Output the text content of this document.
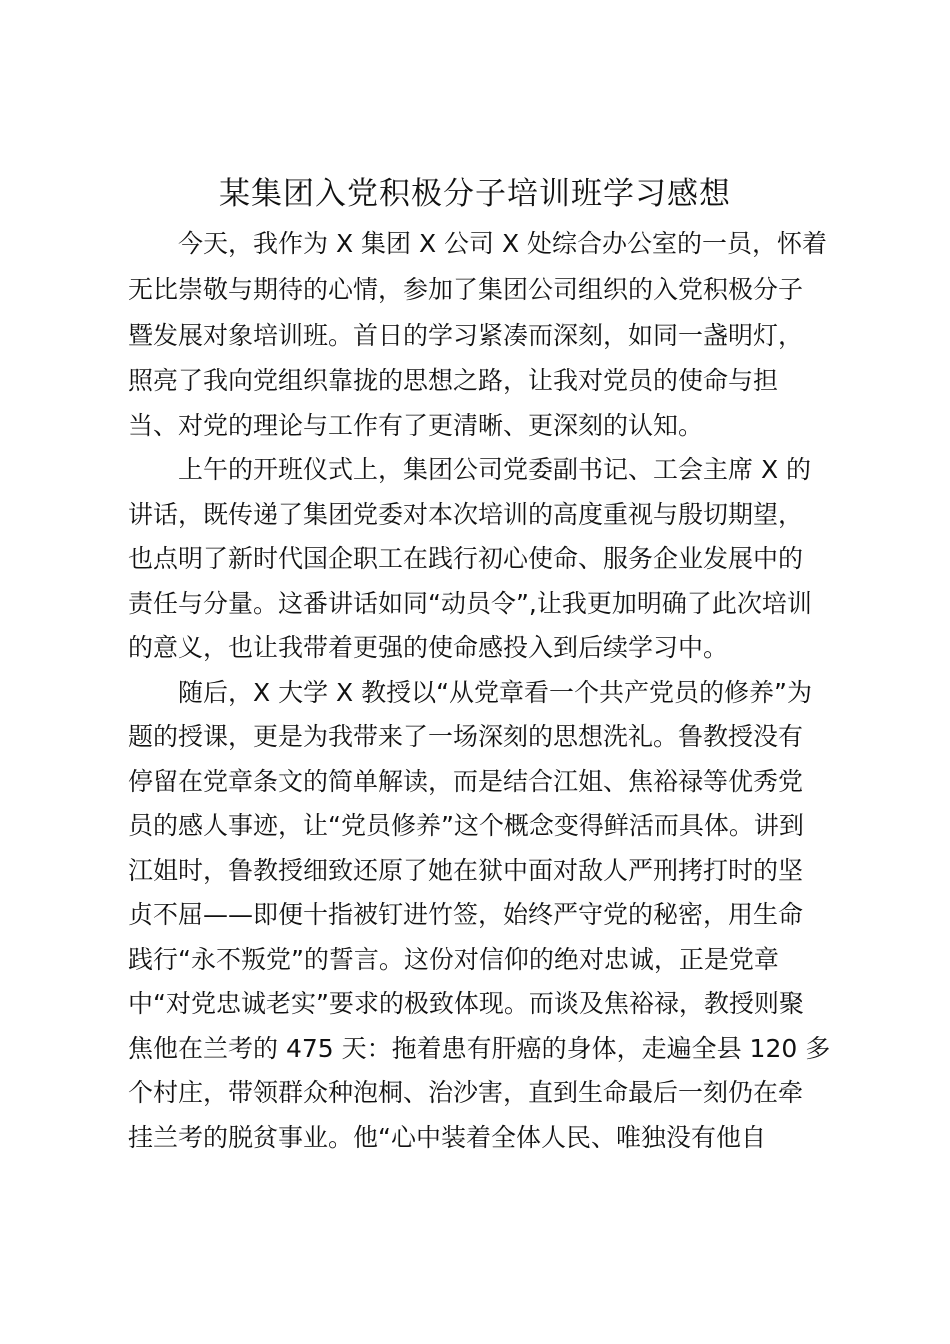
某集团入党积极分子培训班学习感想

今天，我作为 X 集团 X 公司 X 处综合办公室的一员，怀着

无比崇敬与期待的心情，参加了集团公司组织的入党积极分子

暨发展对象培训班。首日的学习紧凑而深刻，如同一盏明灯，

照亮了我向党组织靠拢的思想之路，让我对党员的使命与担

当、对党的理论与工作有了更清晰、更深刻的认知。

上午的开班仪式上，集团公司党委副书记、工会主席 X 的

讲话，既传递了集团党委对本次培训的高度重视与殷切期望，

也点明了新时代国企职工在践行初心使命、服务企业发展中的

责任与分量。这番讲话如同“动员令”,让我更加明确了此次培训

的意义，也让我带着更强的使命感投入到后续学习中。

随后，X 大学 X 教授以“从党章看一个共产党员的修养”为

题的授课，更是为我带来了一场深刻的思想洗礼。鲁教授没有

停留在党章条文的简单解读，而是结合江姐、焦裕禄等优秀党

员的感人事迹，让“党员修养”这个概念变得鲜活而具体。讲到

江姐时，鲁教授细致还原了她在狱中面对敌人严刑拷打时的坚

贞不屈——即便十指被钉进竹签，始终严守党的秘密，用生命

践行“永不叛党”的誓言。这份对信仰的绝对忠诚，正是党章

中“对党忠诚老实”要求的极致体现。而谈及焦裕禄，教授则聚

焦他在兰考的 475 天：拖着患有肝癌的身体，走遍全县 120 多

个村庄，带领群众种泡桐、治沙害，直到生命最后一刻仍在牵

挂兰考的脱贫事业。他“心中装着全体人民、唯独没有他自
